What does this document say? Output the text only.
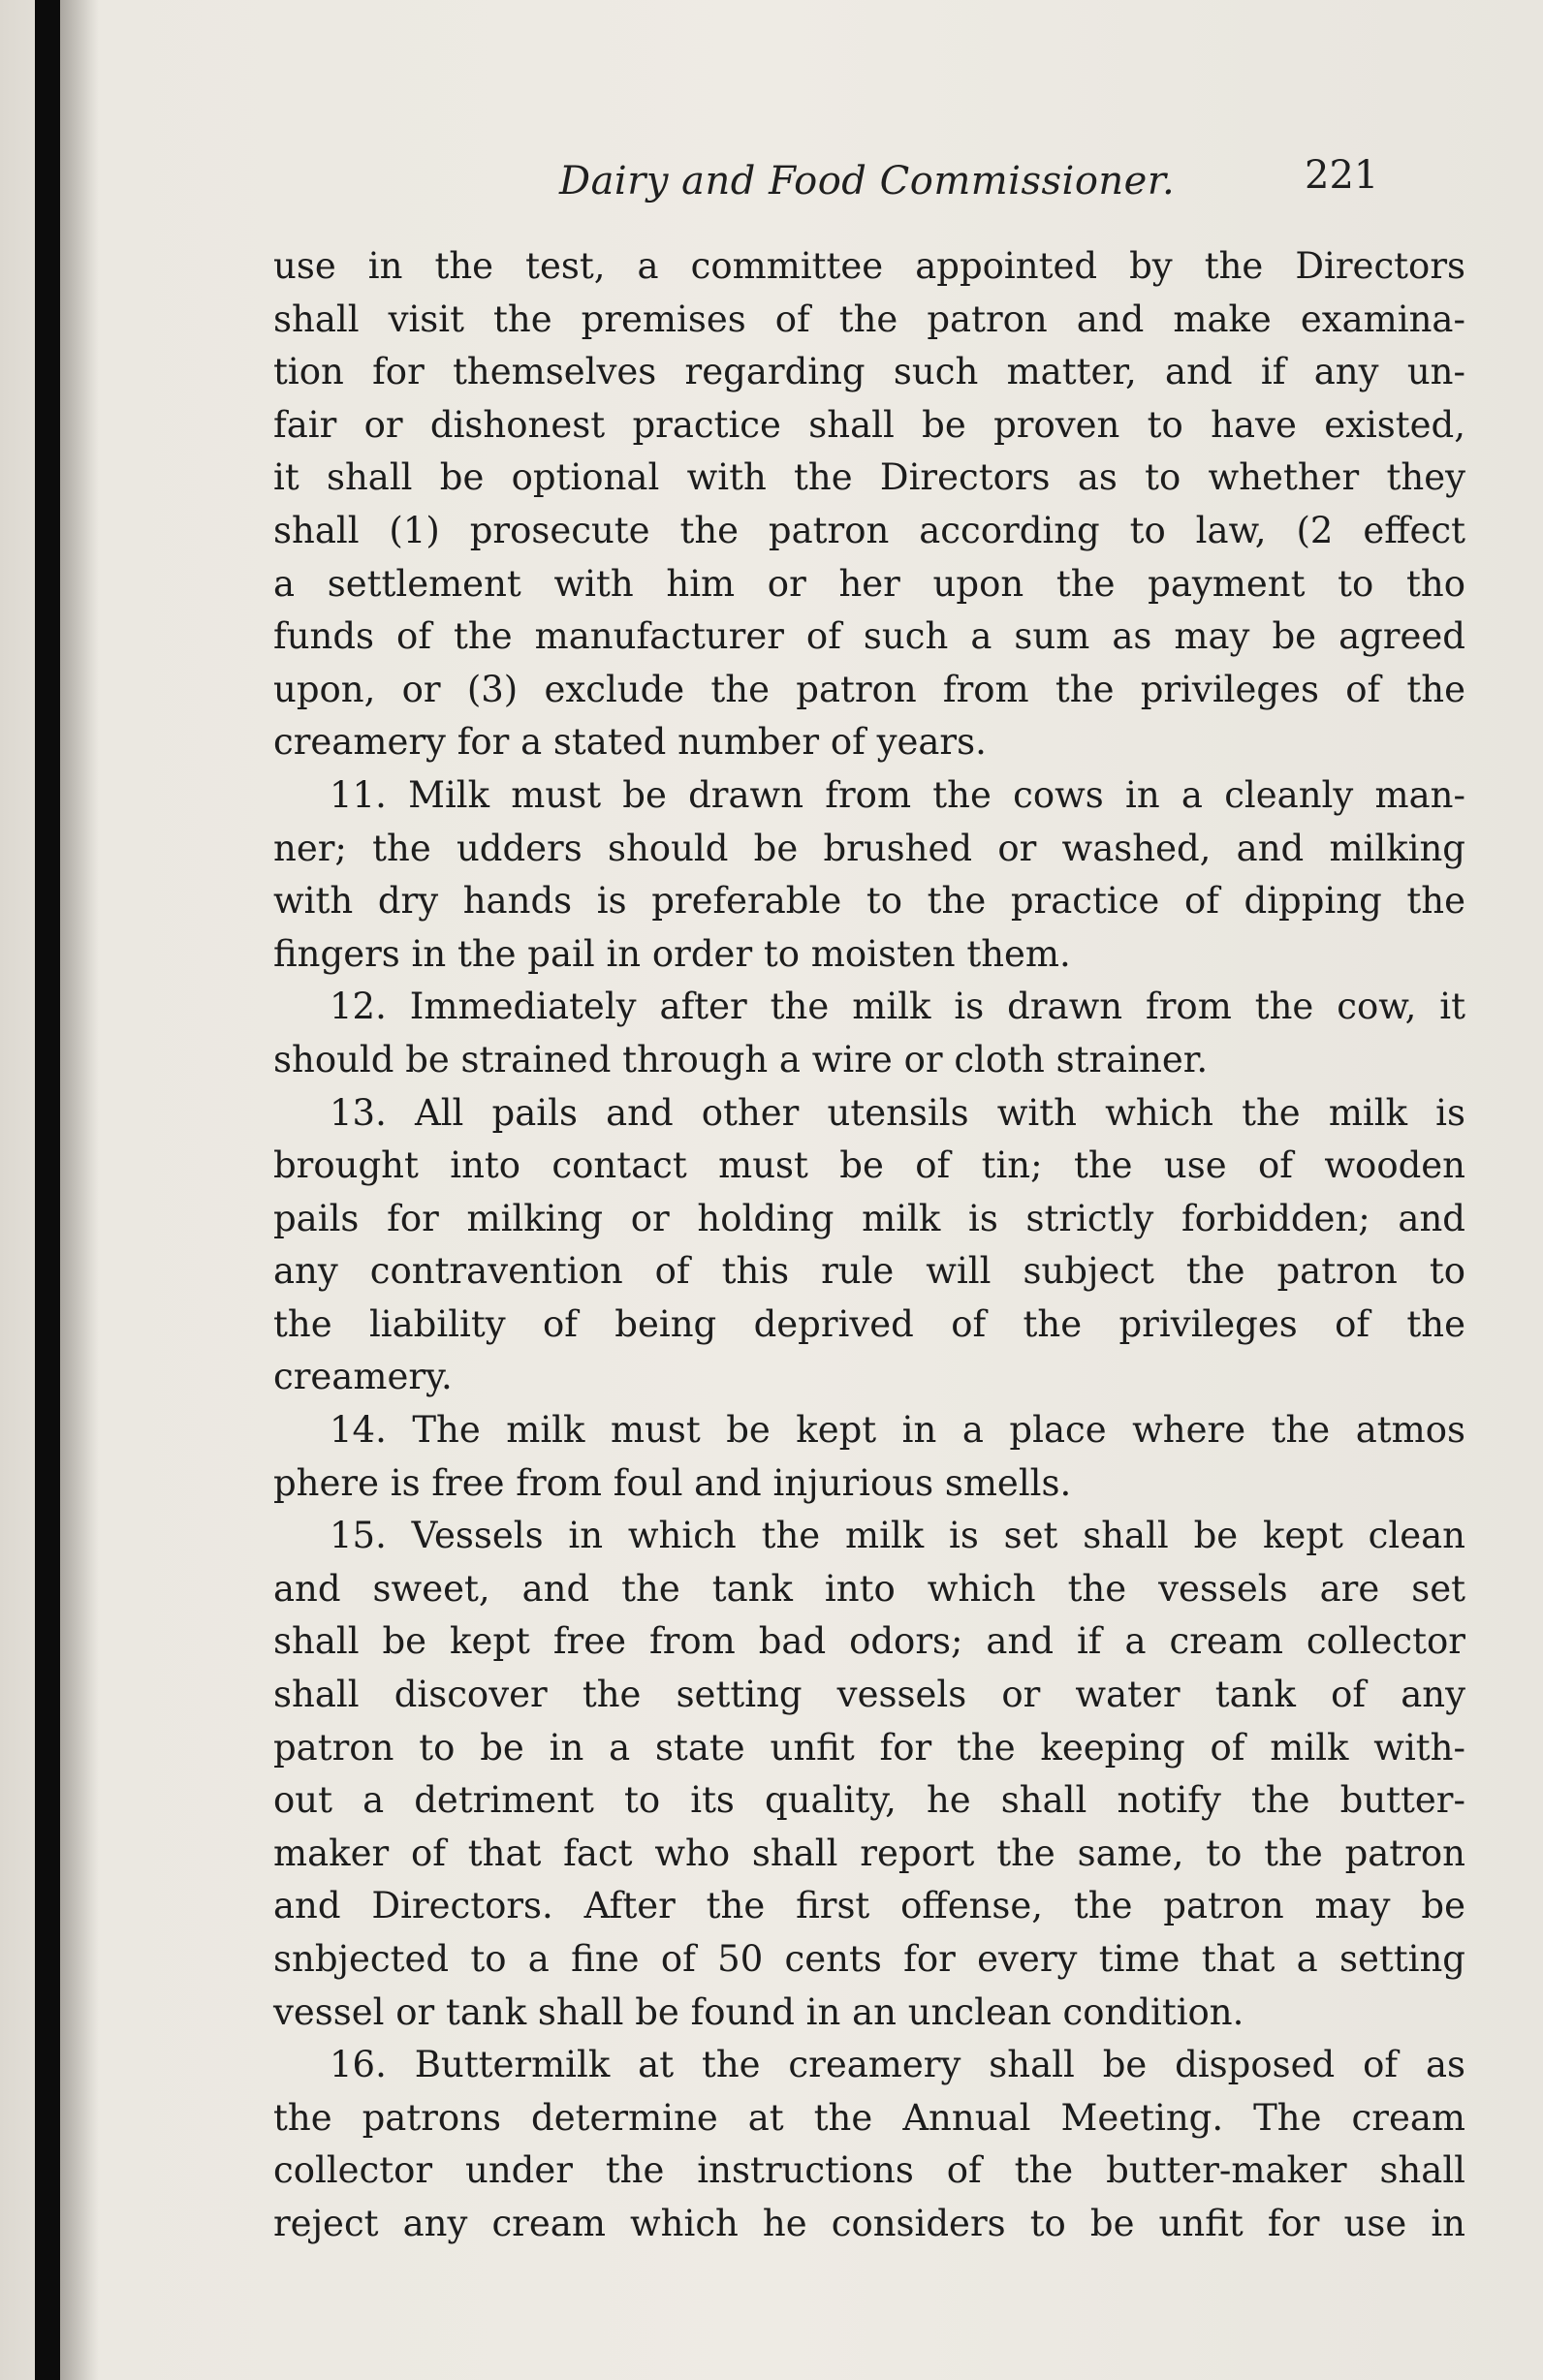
Dairy and Food Commissioner.	221
use in the test, a committee appointed by the Directors
shall visit the premises of the patron and make examina-
tion for themselves regarding such matter, and if any un-
fair or dishonest practice shall be proven to have existed,
it shall be optional with the Directors as to whether they
shall (1) prosecute the patron according to law, (2 effect
a settlement with him or her upon the payment to tho
funds of the manufacturer of such a sum as may be agreed
upon, or (3) exclude the patron from the privileges of the
creamery for a stated number of years.
11. Milk must be drawn from the cows in a cleanly man-
ner; the udders should be brushed or washed, and milking
with dry hands is preferable to the practice of dipping the
fingers in the pail in order to moisten them.
12. Immediately after the milk is drawn from the cow, it
should be strained through a wire or cloth strainer.
13. All pails and other utensils with which the milk is
brought into contact must be of tin; the use of wooden
pails for milking or holding milk is strictly forbidden; and
any contravention of this rule will subject the patron to
the liability of being deprived of the privileges of the
creamery.
14. The milk must be kept in a place where the atmos
phere is free from foul and injurious smells.
15. Vessels in which the milk is set shall be kept clean
and sweet, and the tank into which the vessels are set
shall be kept free from bad odors; and if a cream collector
shall discover the setting vessels or water tank of any
patron to be in a state unfit for the keeping of milk with-
out a detriment to its quality, he shall notify the butter-
maker of that fact who shall report the same, to the patron
and Directors. After the first offense, the patron may be
snbjected to a fine of 50 cents for every time that a setting
vessel or tank shall be found in an unclean condition.
16. Buttermilk at the creamery shall be disposed of as
the patrons determine at the Annual Meeting. The cream
collector under the instructions of the butter-maker shall
reject any cream which he considers to be unfit for use in
